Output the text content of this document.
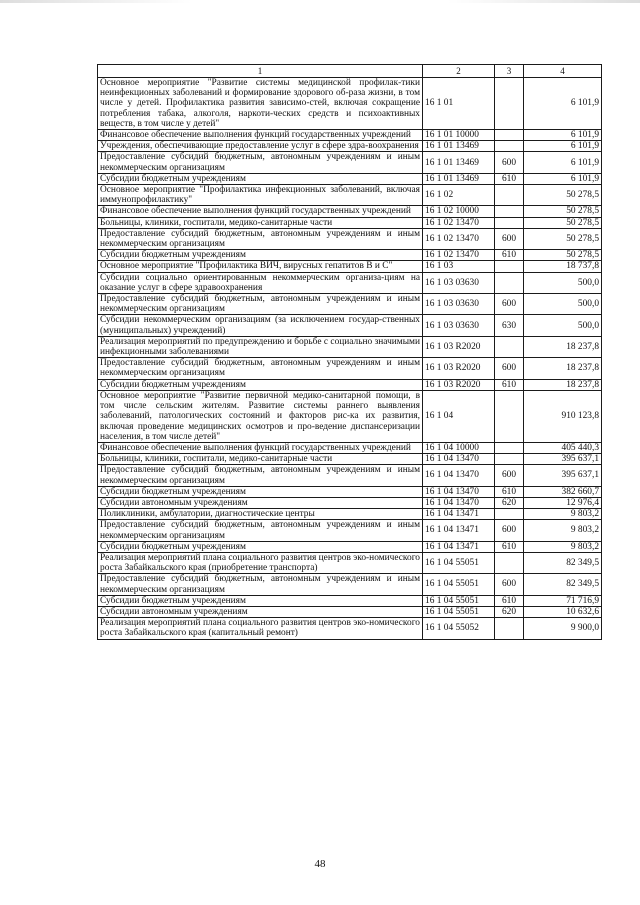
1	2	3	4
Основное мероприятие "Развитие системы медицинской профилак-тики неинфекционных заболеваний и формирование здорового об-раза жизни, в том числе у детей. Профилактика развития зависимо-стей, включая сокращение потребления табака, алкоголя, наркоти-ческих средств и психоактивных веществ, в том числе у детей"	16 1 01		6 101,9
Финансовое обеспечение выполнения функций государственных учреждений	16 1 01 10000		6 101,9
Учреждения, обеспечивающие предоставление услуг в сфере здра-воохранения	16 1 01 13469		6 101,9
Предоставление субсидий бюджетным, автономным учреждениям и иным некоммерческим организациям	16 1 01 13469	600	6 101,9
Субсидии бюджетным учреждениям	16 1 01 13469	610	6 101,9
Основное мероприятие "Профилактика инфекционных заболеваний, включая иммунопрофилактику"	16 1 02		50 278,5
Финансовое обеспечение выполнения функций государственных учреждений	16 1 02 10000		50 278,5
Больницы, клиники, госпитали, медико-санитарные части	16 1 02 13470		50 278,5
Предоставление субсидий бюджетным, автономным учреждениям и иным некоммерческим организациям	16 1 02 13470	600	50 278,5
Субсидии бюджетным учреждениям	16 1 02 13470	610	50 278,5
Основное мероприятие "Профилактика ВИЧ, вирусных гепатитов В и С"	16 1 03		18 737,8
Субсидии социально ориентированным некоммерческим организа-циям на оказание услуг в сфере здравоохранения	16 1 03 03630		500,0
Предоставление субсидий бюджетным, автономным учреждениям и иным некоммерческим организациям	16 1 03 03630	600	500,0
Субсидии некоммерческим организациям (за исключением государ-ственных (муниципальных) учреждений)	16 1 03 03630	630	500,0
Реализация мероприятий по предупреждению и борьбе с социально значимыми инфекционными заболеваниями	16 1 03 R2020		18 237,8
Предоставление субсидий бюджетным, автономным учреждениям и иным некоммерческим организациям	16 1 03 R2020	600	18 237,8
Субсидии бюджетным учреждениям	16 1 03 R2020	610	18 237,8
Основное мероприятие "Развитие первичной медико-санитарной помощи, в том числе сельским жителям. Развитие системы раннего выявления заболеваний, патологических состояний и факторов рис-ка их развития, включая проведение медицинских осмотров и про-ведение диспансеризации населения, в том числе детей"	16 1 04		910 123,8
Финансовое обеспечение выполнения функций государственных учреждений	16 1 04 10000		405 440,3
Больницы, клиники, госпитали, медико-санитарные части	16 1 04 13470		395 637,1
Предоставление субсидий бюджетным, автономным учреждениям и иным некоммерческим организациям	16 1 04 13470	600	395 637,1
Субсидии бюджетным учреждениям	16 1 04 13470	610	382 660,7
Субсидии автономным учреждениям	16 1 04 13470	620	12 976,4
Поликлиники, амбулатории, диагностические центры	16 1 04 13471		9 803,2
Предоставление субсидий бюджетным, автономным учреждениям и иным некоммерческим организациям	16 1 04 13471	600	9 803,2
Субсидии бюджетным учреждениям	16 1 04 13471	610	9 803,2
Реализация мероприятий плана социального развития центров эко-номического роста Забайкальского края (приобретение транспорта)	16 1 04 55051		82 349,5
Предоставление субсидий бюджетным, автономным учреждениям и иным некоммерческим организациям	16 1 04 55051	600	82 349,5
Субсидии бюджетным учреждениям	16 1 04 55051	610	71 716,9
Субсидии автономным учреждениям	16 1 04 55051	620	10 632,6
Реализация мероприятий плана социального развития центров эко-номического роста Забайкальского края (капитальный ремонт)	16 1 04 55052		9 900,0
48
